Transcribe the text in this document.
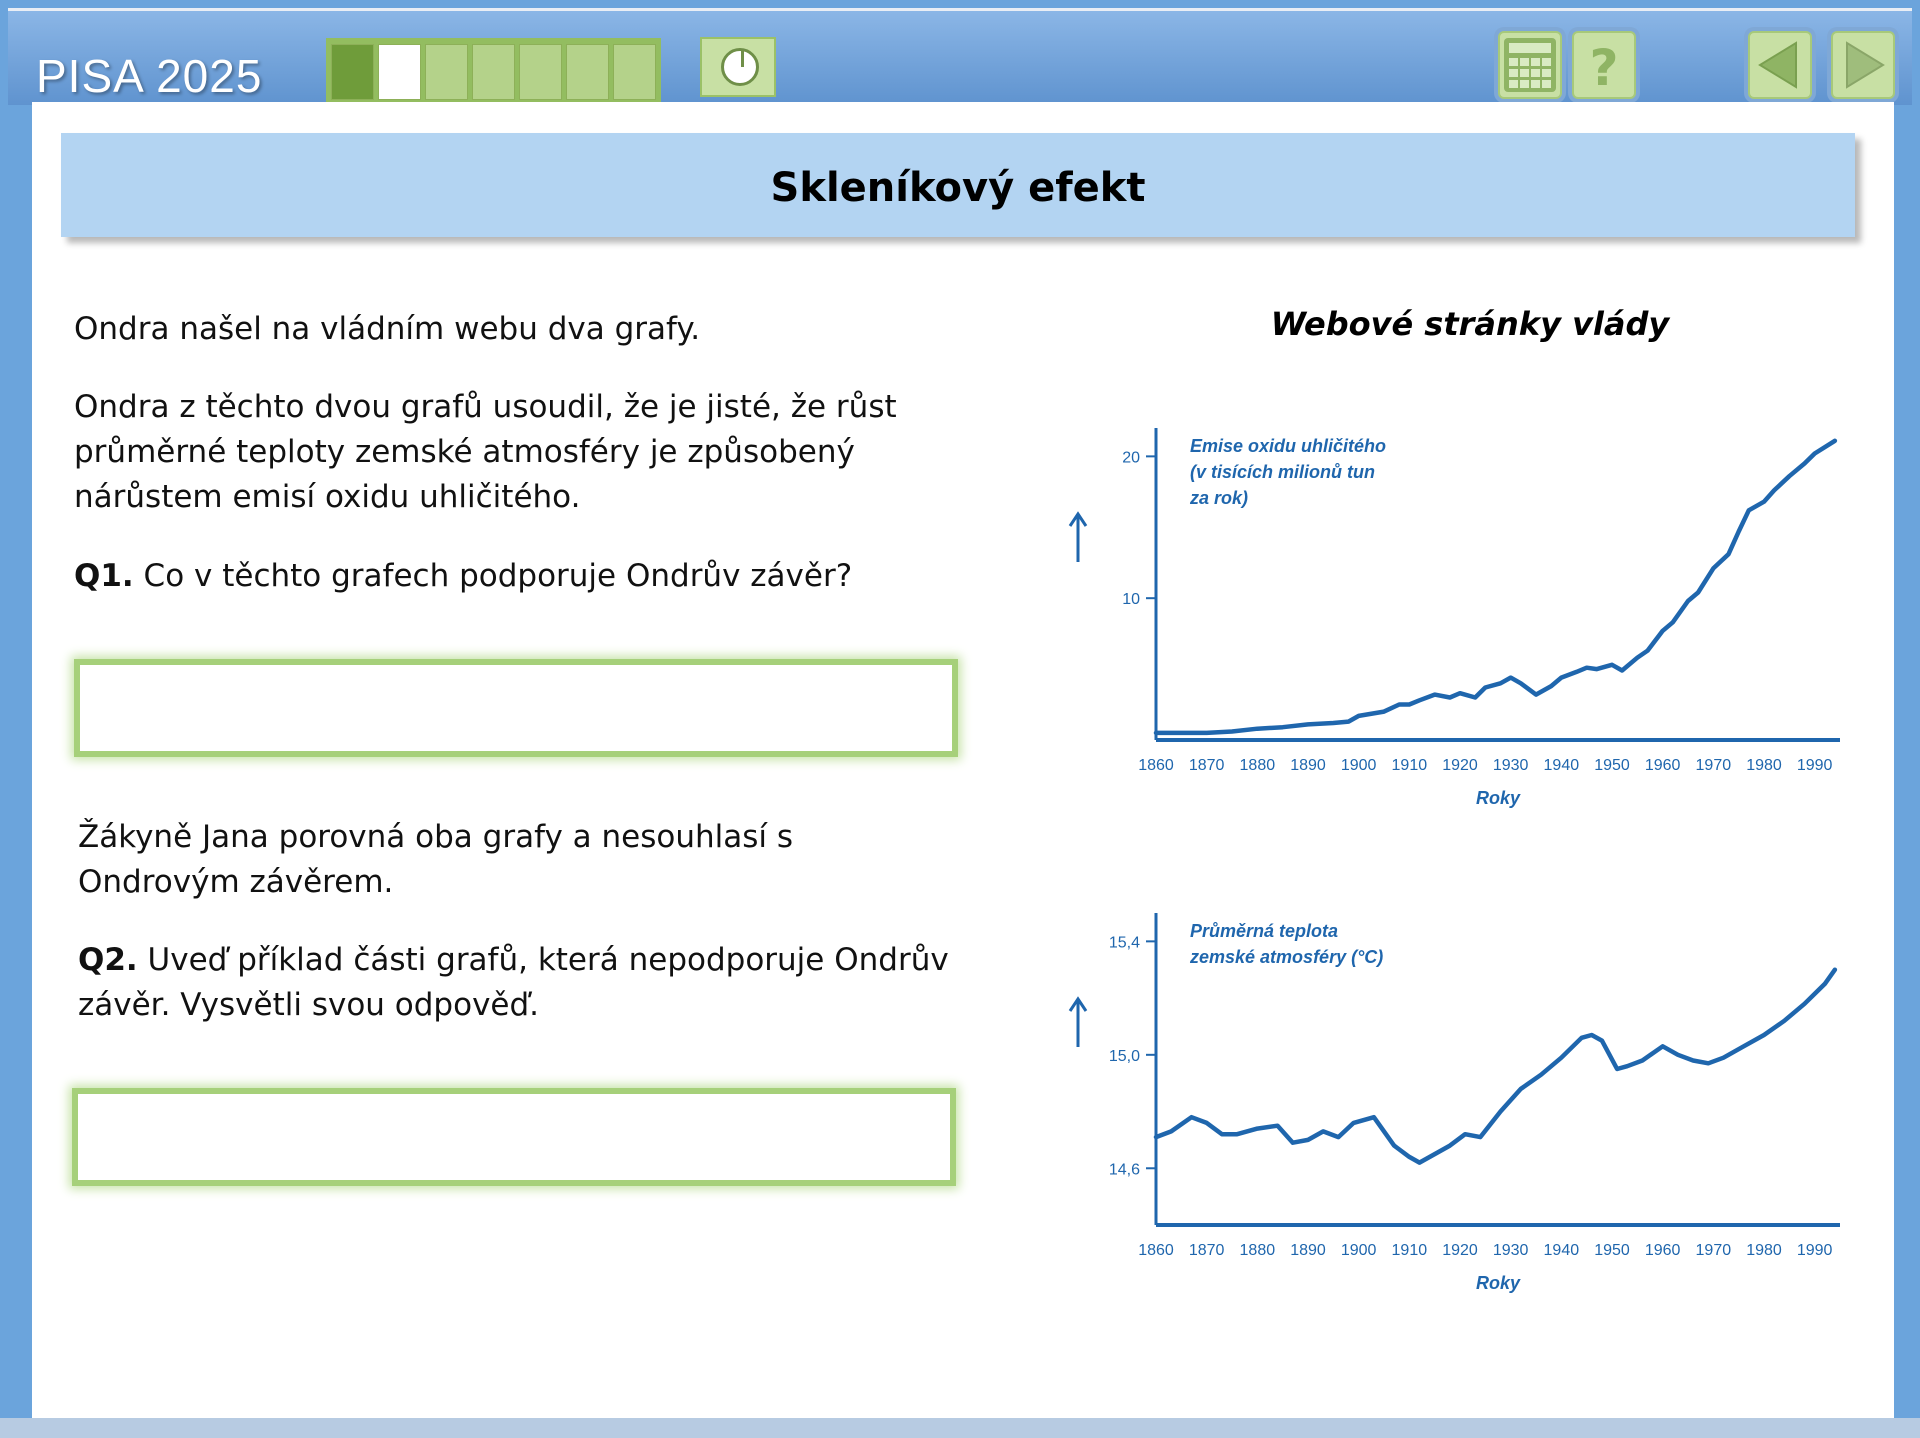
PISA 2025	?
Skleníkový efekt
Ondra našel na vládním webu dva grafy.
Ondra z těchto dvou grafů usoudil, že je jisté, že růst průměrné teploty zemské atmosféry je způsobený nárůstem emisí oxidu uhličitého.
Q1. Co v těchto grafech podporuje Ondrův závěr?
Žákyně Jana porovná oba grafy a nesouhlasí s Ondrovým závěrem.
Q2. Uveď příklad části grafů, která nepodporuje Ondrův závěr. Vysvětli svou odpověď.
Webové stránky vlády
10
20
1860 1870 1880 1890 1900 1910 1920 1930 1940 1950 1960 1970 1980 1990
Roky
Emise oxidu uhličitého
(v tisících milionů tun
za rok)
14,6
15,0
15,4
1860 1870 1880 1890 1900 1910 1920 1930 1940 1950 1960 1970 1980 1990
Roky
Průměrná teplota
zemské atmosféry (°C)
